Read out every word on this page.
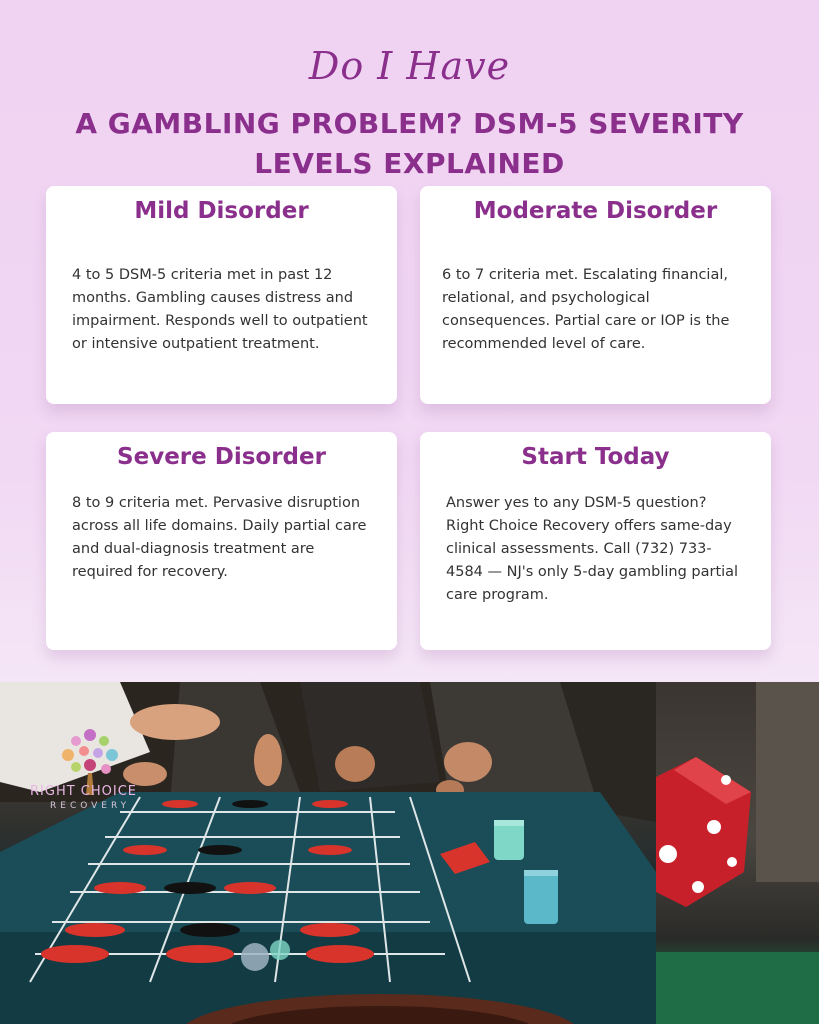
Do I Have
A GAMBLING PROBLEM? DSM-5 SEVERITY LEVELS EXPLAINED
Mild Disorder

4 to 5 DSM-5 criteria met in past 12 months. Gambling causes distress and impairment. Responds well to outpatient or intensive outpatient treatment.

Moderate Disorder

6 to 7 criteria met. Escalating financial, relational, and psychological consequences. Partial care or IOP is the recommended level of care.

Severe Disorder

8 to 9 criteria met. Pervasive disruption across all life domains. Daily partial care and dual-diagnosis treatment are required for recovery.

Start Today

Answer yes to any DSM-5 question? Right Choice Recovery offers same-day clinical assessments. Call (732) 733-4584 — NJ's only 5-day gambling partial care program.

RIGHT CHOICE
RECOVERY
